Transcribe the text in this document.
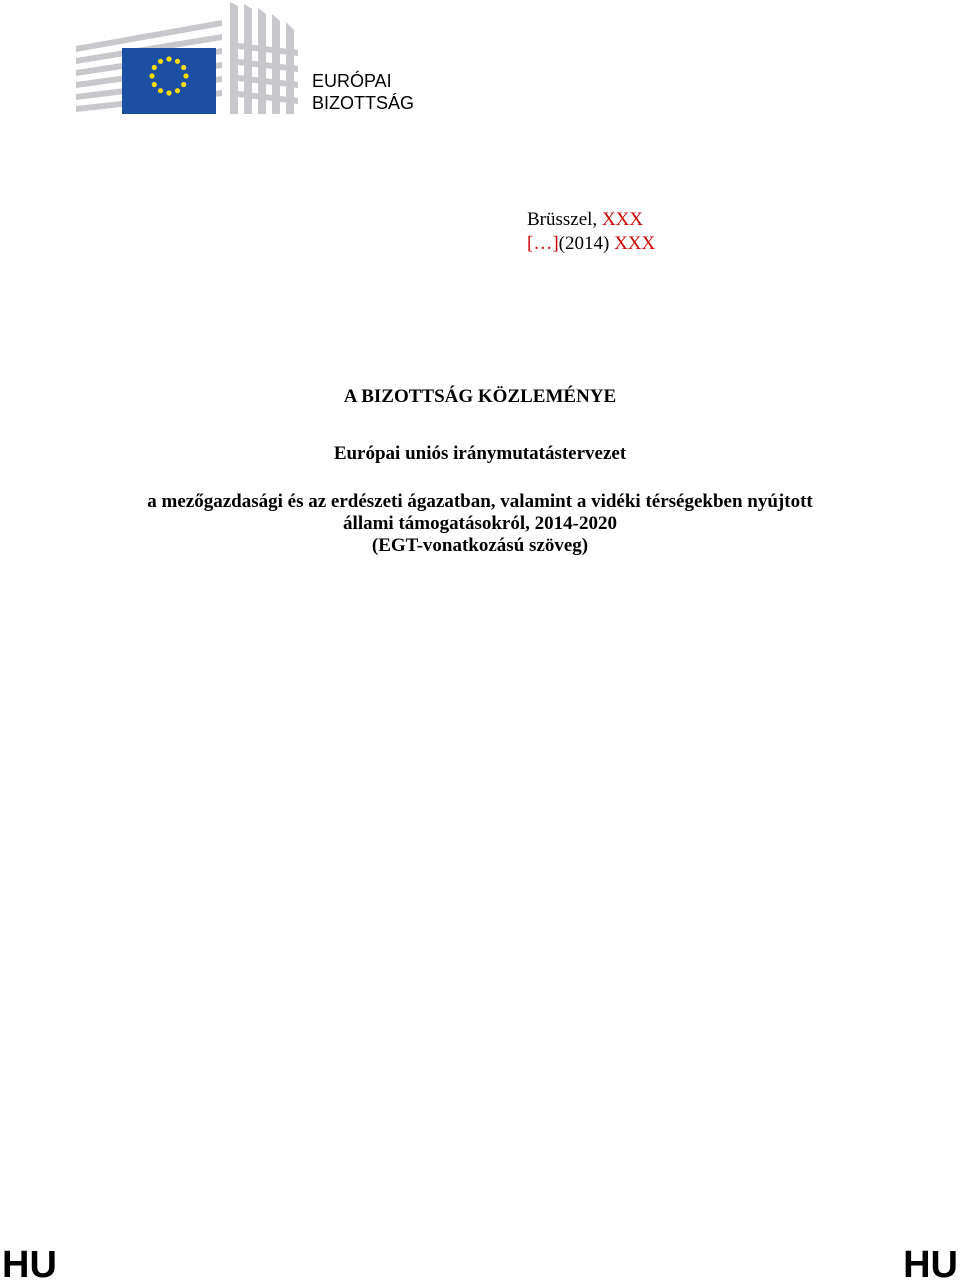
EURÓPAI
BIZOTTSÁG
Brüsszel, XXX
[…](2014) XXX
A BIZOTTSÁG KÖZLEMÉNYE
Európai uniós iránymutatástervezet
a mezőgazdasági és az erdészeti ágazatban, valamint a vidéki térségekben nyújtott
állami támogatásokról, 2014-2020
(EGT-vonatkozású szöveg)
HU	HU
